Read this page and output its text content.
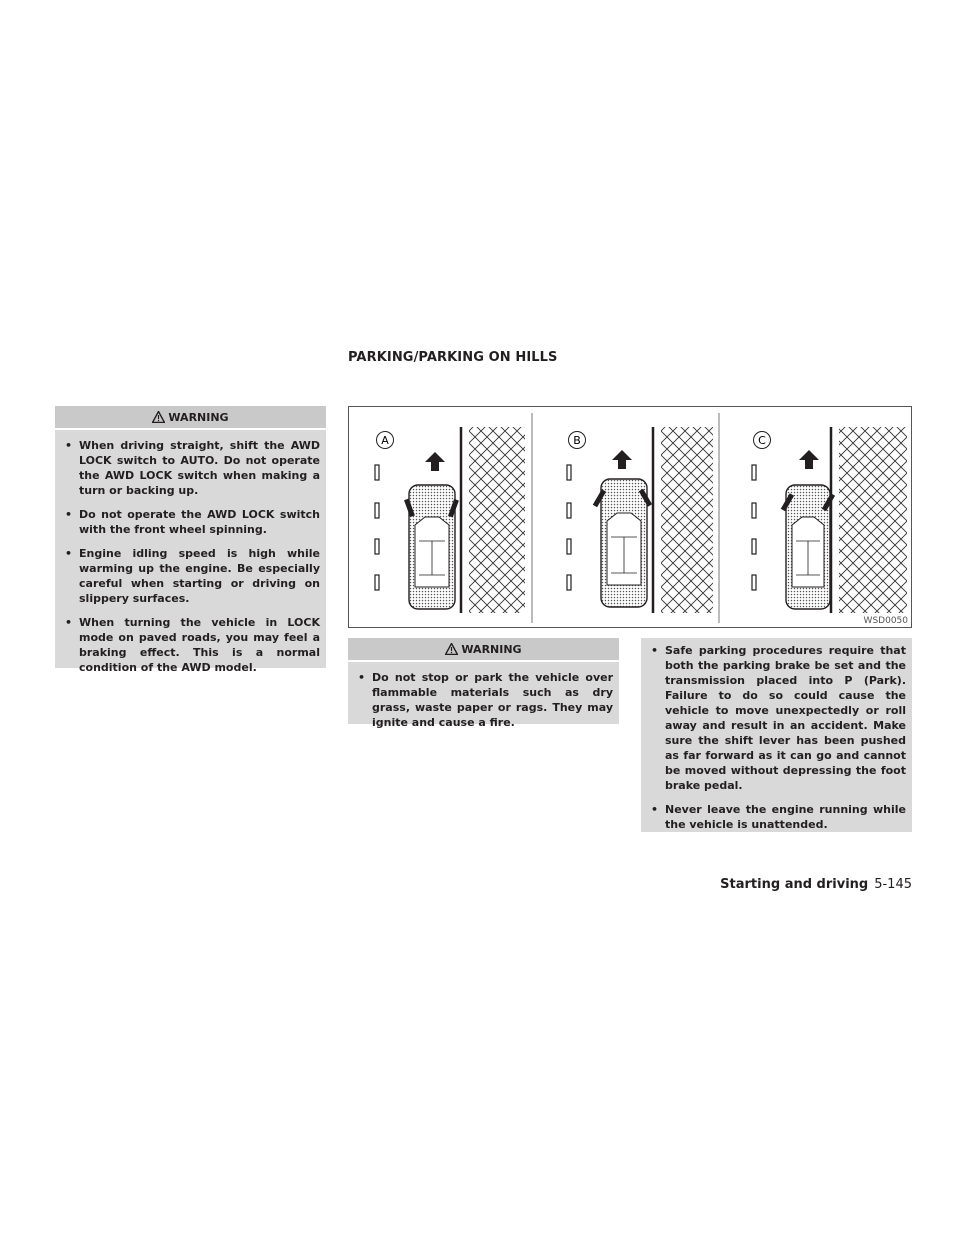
PARKING/PARKING ON HILLS
WARNING
• When driving straight, shift the AWD LOCK switch to AUTO. Do not operate the AWD LOCK switch when making a turn or backing up.
• Do not operate the AWD LOCK switch with the front wheel spinning.
• Engine idling speed is high while warming up the engine. Be especially careful when starting or driving on slippery surfaces.
• When turning the vehicle in LOCK mode on paved roads, you may feel a braking effect. This is a normal condition of the AWD model.
A	B	C
WSD0050
WARNING
• Do not stop or park the vehicle over flammable materials such as dry grass, waste paper or rags. They may ignite and cause a fire.
• Safe parking procedures require that both the parking brake be set and the transmission placed into P (Park). Failure to do so could cause the vehicle to move unexpectedly or roll away and result in an accident. Make sure the shift lever has been pushed as far forward as it can go and cannot be moved without depressing the foot brake pedal.
• Never leave the engine running while the vehicle is unattended.
Starting and driving 5-145
